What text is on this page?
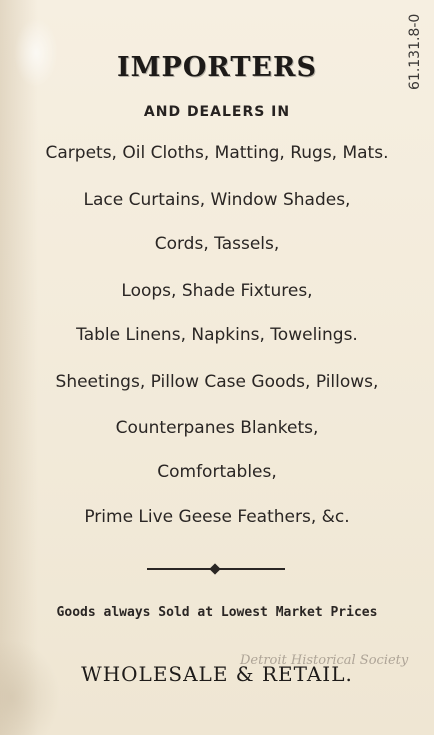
IMPORTERS
AND DEALERS IN
Carpets, Oil Cloths, Matting, Rugs, Mats.
Lace Curtains, Window Shades,
Cords, Tassels,
Loops, Shade Fixtures,
Table Linens, Napkins, Towelings.
Sheetings, Pillow Case Goods, Pillows,
Counterpanes Blankets,
Comfortables,
Prime Live Geese Feathers, &c.
Goods always Sold at Lowest Market Prices
WHOLESALE & RETAIL.
Detroit Historical Society
61.131.8-0
